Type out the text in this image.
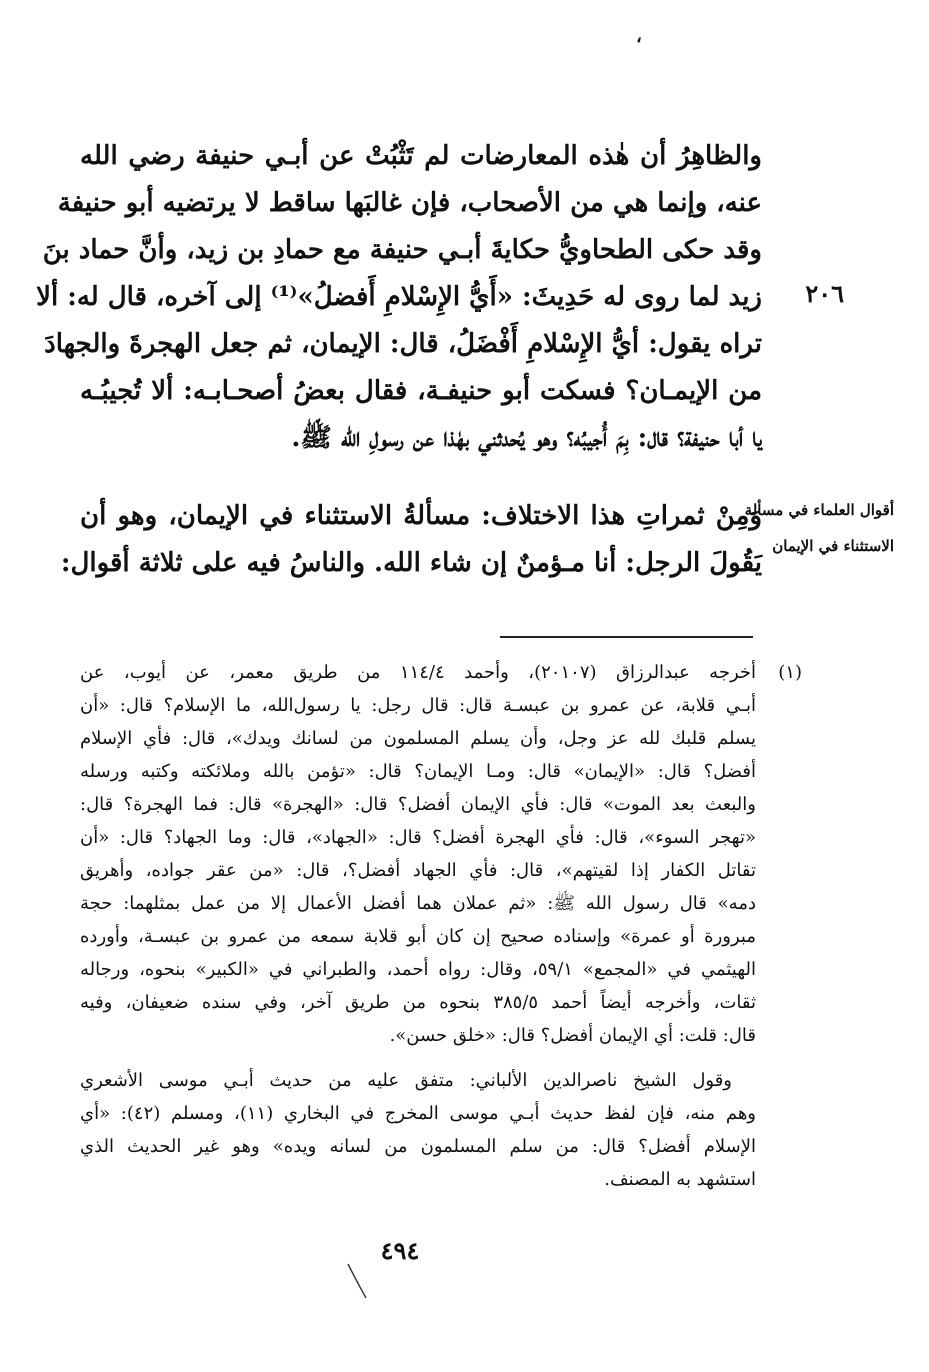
،
والظاهِرُ أن هٰذه المعارضات لم تَثْبُتْ عن أبـي حنيفة رضي الله
عنه، وإنما هي من الأصحاب، فإن غالبَها ساقط لا يرتضيه أبو حنيفة
وقد حكى الطحاويُّ حكايةَ أبـي حنيفة مع حمادِ بن زيد، وأنَّ حماد بنَ
زيد لما روى له حَدِيثَ: «أَيُّ الإِسْلامِ أَفضلُ»⁽¹⁾ إلى آخره، قال له: ألا
تراه يقول: أيُّ الإِسْلامِ أَفْضَلُ، قال: الإيمان، ثم جعل الهجرةَ والجهادَ
من الإيمـان؟ فسكت أبو حنيفـة، فقال بعضُ أصحـابـه: ألا تُجيبُـه
يا أبا حنيفة؟ قال: بِمَ أُجيبُه؟ وهو يُحدثني بهٰذا عن رسولِ الله ﷺ.
٢٠٦
أقوال العلماء في مسألة
الاستثناء في الإيمان
وَمِنْ ثمراتِ هذا الاختلاف: مسألةُ الاستثناء في الإيمان، وهو أن
يَقُولَ الرجل: أنا مـؤمنٌ إن شاء الله. والناسُ فيه على ثلاثة أقوال:
(١)
أخرجه عبدالرزاق (٢٠١٠٧)، وأحمد ١١٤/٤ من طريق معمر، عن أيوب، عن
أبـي قلابة، عن عمرو بن عبسـة قال: قال رجل: يا رسول‌الله، ما الإسلام؟ قال: «أن
يسلم قلبك لله عز وجل، وأن يسلم المسلمون من لسانك ويدك»، قال: فأي الإسلام
أفضل؟ قال: «الإيمان» قال: ومـا الإيمان؟ قال: «تؤمن بالله وملائكته وكتبه ورسله
والبعث بعد الموت» قال: فأي الإيمان أفضل؟ قال: «الهجرة» قال: فما الهجرة؟ قال:
«تهجر السوء»، قال: فأي الهجرة أفضل؟ قال: «الجهاد»، قال: وما الجهاد؟ قال: «أن
تقاتل الكفار إذا لقيتهم»، قال: فأي الجهاد أفضل؟، قال: «من عقر جواده، وأهريق
دمه» قال رسول الله ﷺ: «ثم عملان هما أفضل الأعمال إلا من عمل بمثلهما: حجة
مبرورة أو عمرة» وإسناده صحيح إن كان أبو قلابة سمعه من عمرو بن عبسـة، وأورده
الهيثمي في «المجمع» ٥٩/١، وقال: رواه أحمد، والطبراني في «الكبير» بنحوه، ورجاله
ثقات، وأخرجه أيضاً أحمد ٣٨٥/٥ بنحوه من طريق آخر، وفي سنده ضعيفان، وفيه
قال: قلت: أي الإيمان أفضل؟ قال: «خلق حسن».
وقول الشيخ ناصرالدين الألباني: متفق عليه من حديث أبـي موسى الأشعري
وهم منه، فإن لفظ حديث أبـي موسى المخرج في البخاري (١١)، ومسلم (٤٢): «أي
الإسلام أفضل؟ قال: من سلم المسلمون من لسانه ويده» وهو غير الحديث الذي
استشهد به المصنف.
٤٩٤
